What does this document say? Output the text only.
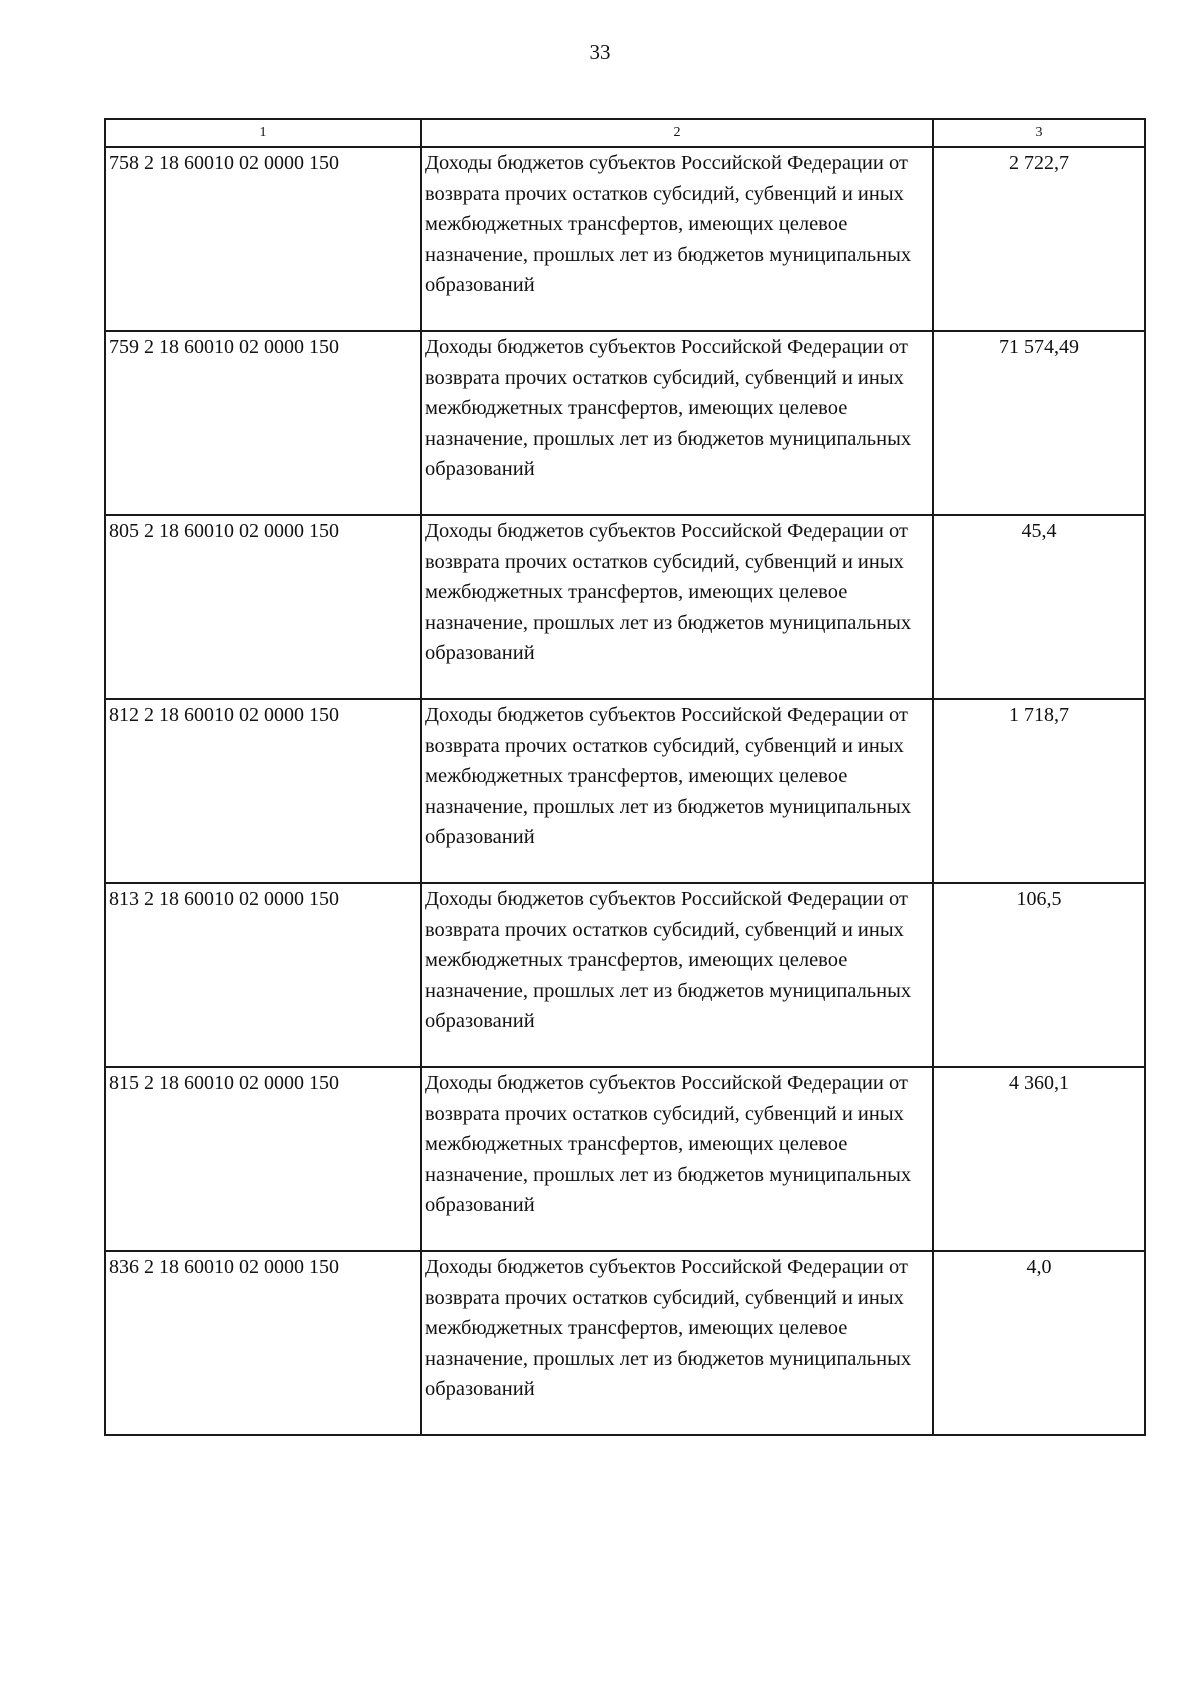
33
1	2	3
758 2 18 60010 02 0000 150	Доходы бюджетов субъектов Российской Федерации от возврата прочих остатков субсидий, субвенций и иных межбюджетных трансфертов, имеющих целевое назначение, прошлых лет из бюджетов муниципальных образований	2 722,7
759 2 18 60010 02 0000 150	Доходы бюджетов субъектов Российской Федерации от возврата прочих остатков субсидий, субвенций и иных межбюджетных трансфертов, имеющих целевое назначение, прошлых лет из бюджетов муниципальных образований	71 574,49
805 2 18 60010 02 0000 150	Доходы бюджетов субъектов Российской Федерации от возврата прочих остатков субсидий, субвенций и иных межбюджетных трансфертов, имеющих целевое назначение, прошлых лет из бюджетов муниципальных образований	45,4
812 2 18 60010 02 0000 150	Доходы бюджетов субъектов Российской Федерации от возврата прочих остатков субсидий, субвенций и иных межбюджетных трансфертов, имеющих целевое назначение, прошлых лет из бюджетов муниципальных образований	1 718,7
813 2 18 60010 02 0000 150	Доходы бюджетов субъектов Российской Федерации от возврата прочих остатков субсидий, субвенций и иных межбюджетных трансфертов, имеющих целевое назначение, прошлых лет из бюджетов муниципальных образований	106,5
815 2 18 60010 02 0000 150	Доходы бюджетов субъектов Российской Федерации от возврата прочих остатков субсидий, субвенций и иных межбюджетных трансфертов, имеющих целевое назначение, прошлых лет из бюджетов муниципальных образований	4 360,1
836 2 18 60010 02 0000 150	Доходы бюджетов субъектов Российской Федерации от возврата прочих остатков субсидий, субвенций и иных межбюджетных трансфертов, имеющих целевое назначение, прошлых лет из бюджетов муниципальных образований	4,0
